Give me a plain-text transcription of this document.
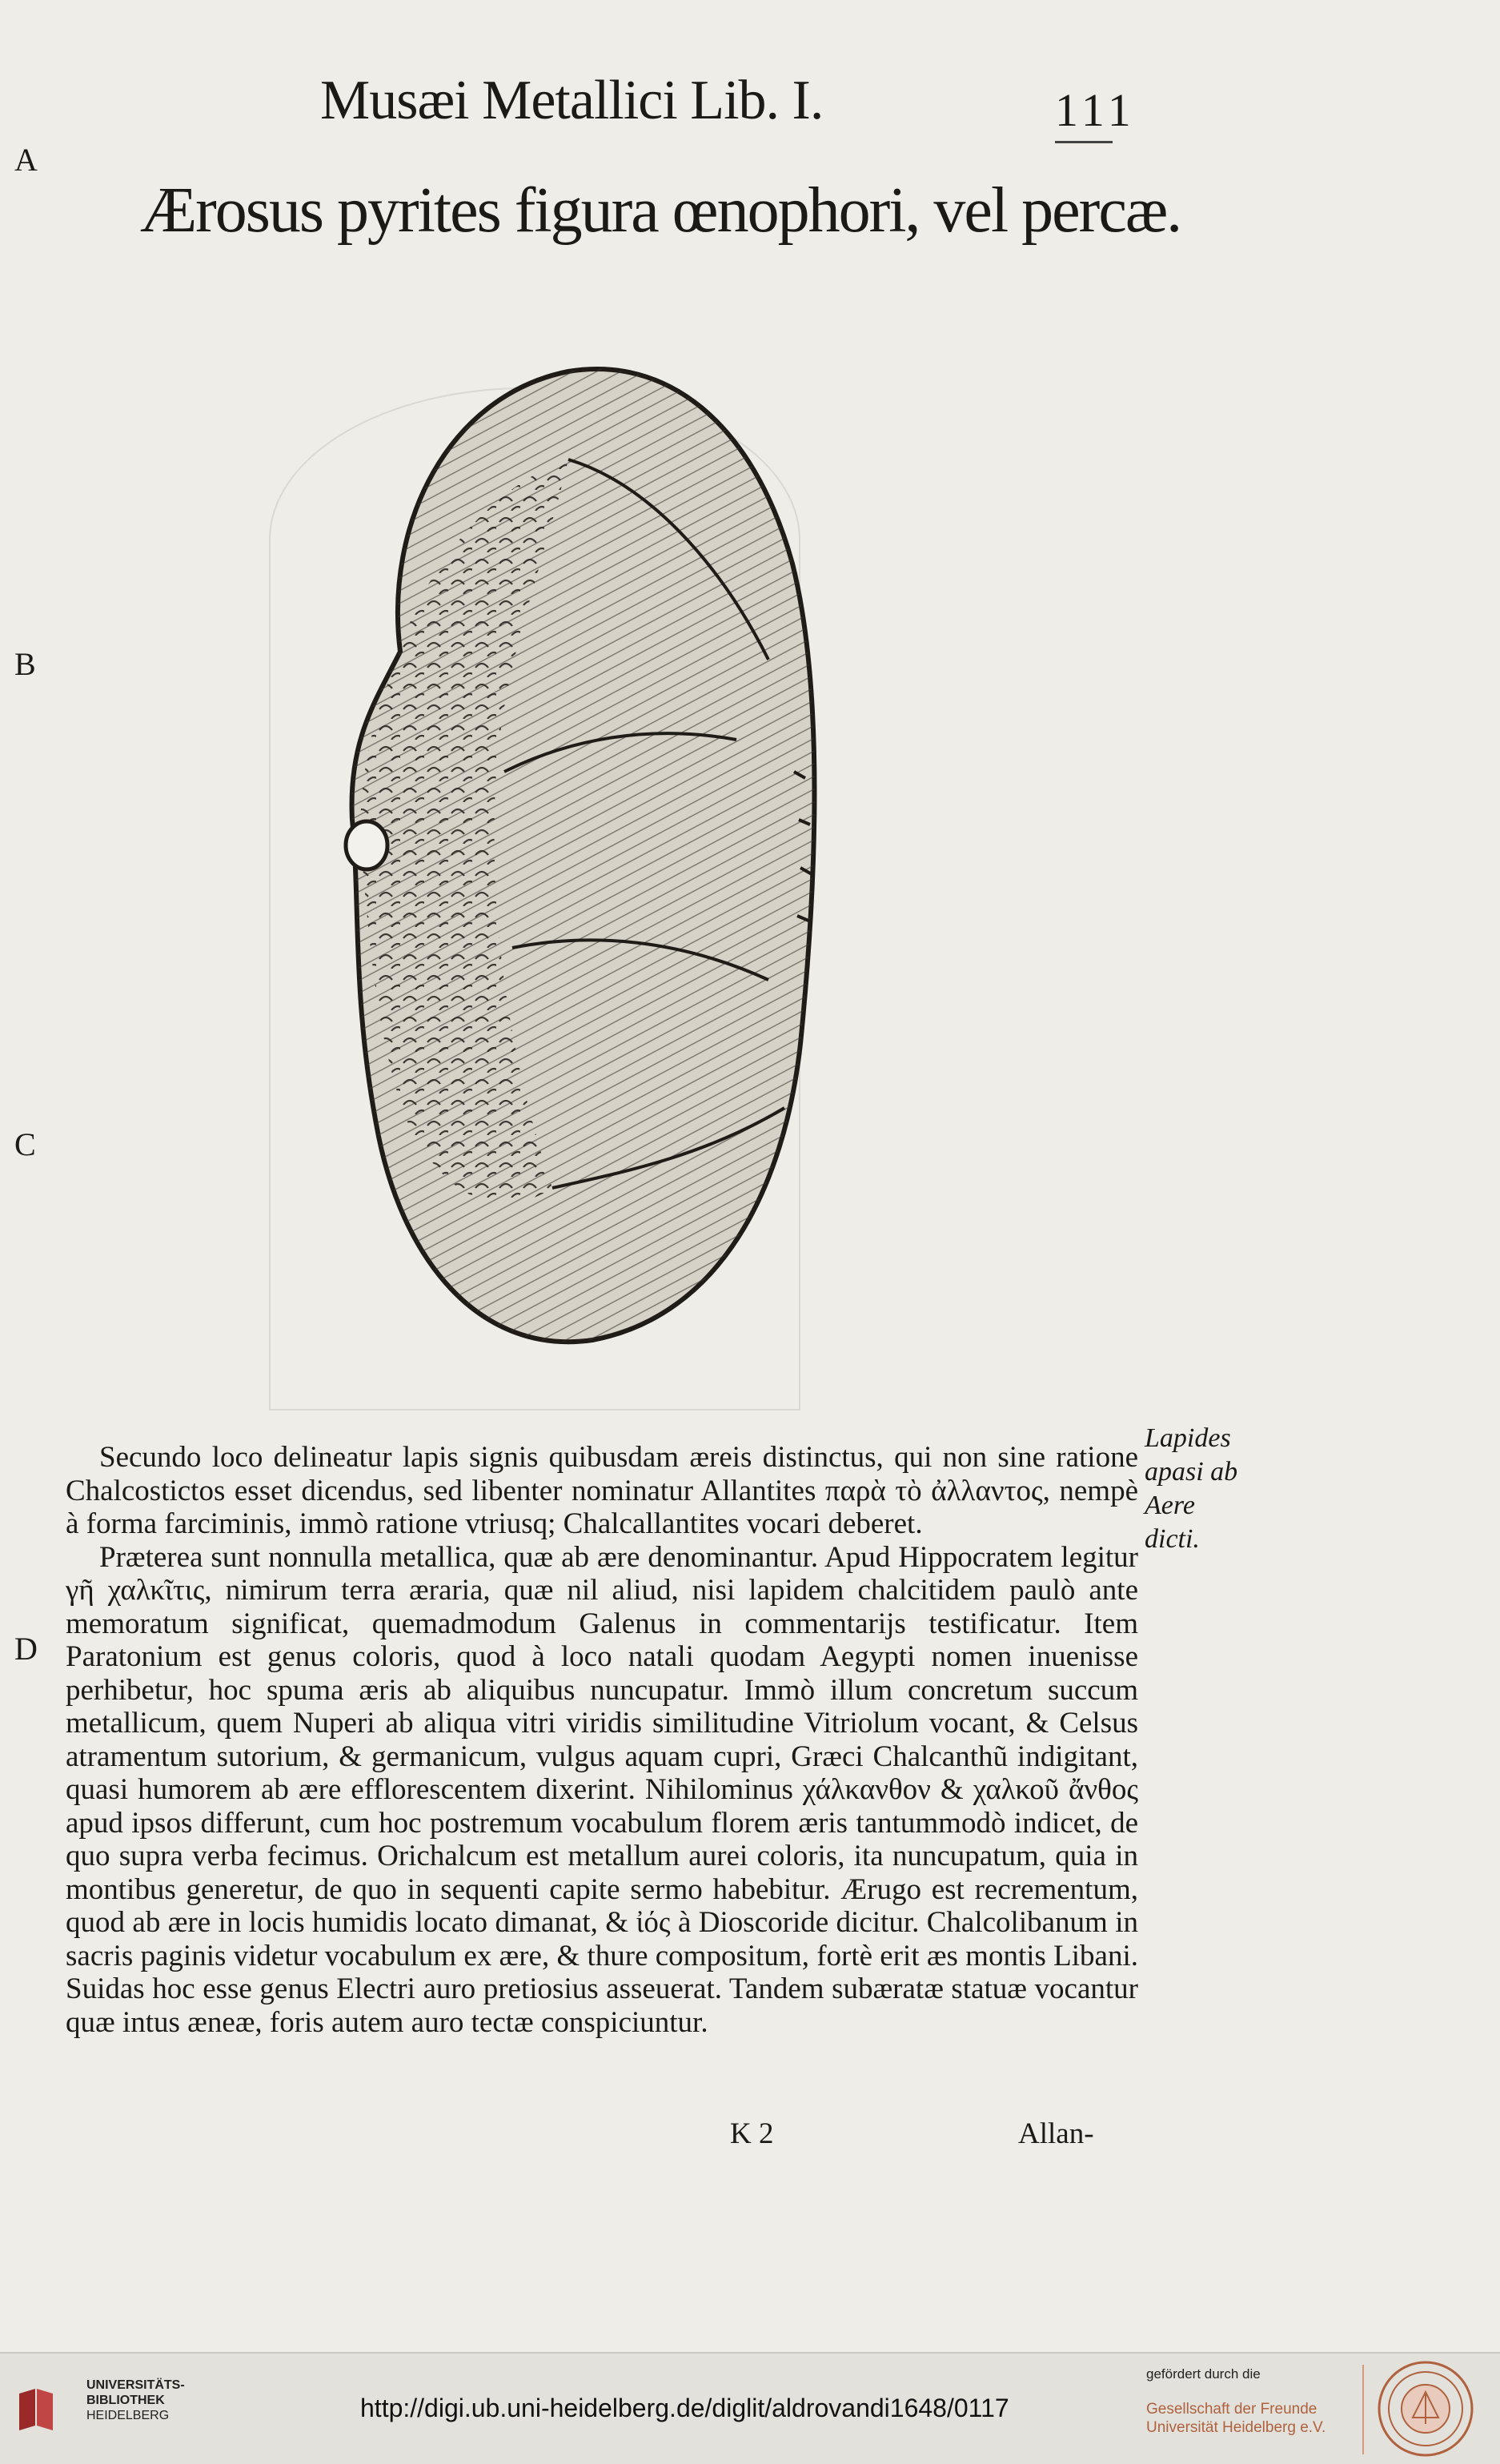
Musæi Metallici Lib. I.	111
Ærosus pyrites figura œnophori, vel percæ.
A
B
C
D
Lapides
apasi ab
Aere
dicti.

Secundo loco delineatur lapis signis quibusdam æreis distinctus, qui non sine ratione Chalcostictos esset dicendus, sed libenter nominatur Allantites παρὰ τὸ ἀλλαντος, nempè à forma farciminis, immò ratione vtriusq; Chalcallantites vocari deberet.

Præterea sunt nonnulla metallica, quæ ab ære denominantur. Apud Hippocratem legitur γῆ χαλκῖτις, nimirum terra æraria, quæ nil aliud, nisi lapidem chalcitidem paulò ante memoratum significat, quemadmodum Galenus in commentarijs testificatur. Item Paratonium est genus coloris, quod à loco natali quodam Aegypti nomen inuenisse perhibetur, hoc spuma æris ab aliquibus nuncupatur. Immò illum concretum succum metallicum, quem Nuperi ab aliqua vitri viridis similitudine Vitriolum vocant, & Celsus atramentum sutorium, & germanicum, vulgus aquam cupri, Græci Chalcanthũ indigitant, quasi humorem ab ære efflorescentem dixerint. Nihilominus χάλκανθον & χαλκοῦ ἄνθος apud ipsos differunt, cum hoc postremum vocabulum florem æris tantummodò indicet, de quo supra verba fecimus. Orichalcum est metallum aurei coloris, ita nuncupatum, quia in montibus generetur, de quo in sequenti capite sermo habebitur. Ærugo est recrementum, quod ab ære in locis humidis locato dimanat, & ἰός à Dioscoride dicitur. Chalcolibanum in sacris paginis videtur vocabulum ex ære, & thure compositum, fortè erit æs montis Libani. Suidas hoc esse genus Electri auro pretiosius asseuerat. Tandem subæratæ statuæ vocantur quæ intus æneæ, foris autem auro tectæ conspiciuntur.

K 2	Allan-
UNIVERSITÄTS-
BIBLIOTHEK
HEIDELBERG	http://digi.ub.uni-heidelberg.de/diglit/aldrovandi1648/0117
gefördert durch die
Gesellschaft der Freunde
Universität Heidelberg e.V.
